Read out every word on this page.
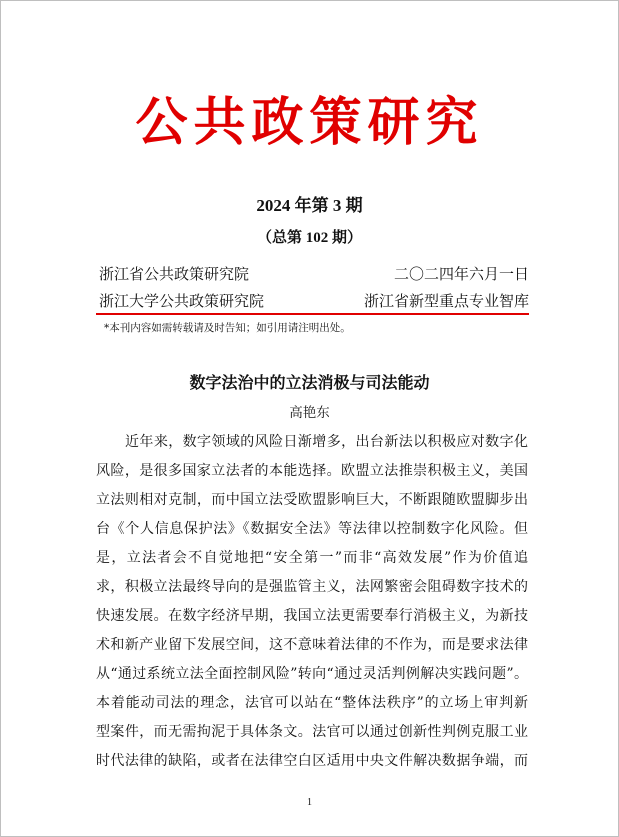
公共政策研究
2024 年第 3 期
（总第 102 期）
浙江省公共政策研究院	二〇二四年六月一日
浙江大学公共政策研究院	浙江省新型重点专业智库
*本刊内容如需转载请及时告知；如引用请注明出处。
数字法治中的立法消极与司法能动
高艳东
近年来，数字领域的风险日渐增多，出台新法以积极应对数字化
风险，是很多国家立法者的本能选择。欧盟立法推崇积极主义，美国
立法则相对克制，而中国立法受欧盟影响巨大，不断跟随欧盟脚步出
台《个人信息保护法》《数据安全法》等法律以控制数字化风险。但
是，立法者会不自觉地把“安全第一”而非“高效发展”作为价值追
求，积极立法最终导向的是强监管主义，法网繁密会阻碍数字技术的
快速发展。在数字经济早期，我国立法更需要奉行消极主义，为新技
术和新产业留下发展空间，这不意味着法律的不作为，而是要求法律
从“通过系统立法全面控制风险”转向“通过灵活判例解决实践问题”。
本着能动司法的理念，法官可以站在“整体法秩序”的立场上审判新
型案件，而无需拘泥于具体条文。法官可以通过创新性判例克服工业
时代法律的缺陷，或者在法律空白区适用中央文件解决数据争端，而
1
